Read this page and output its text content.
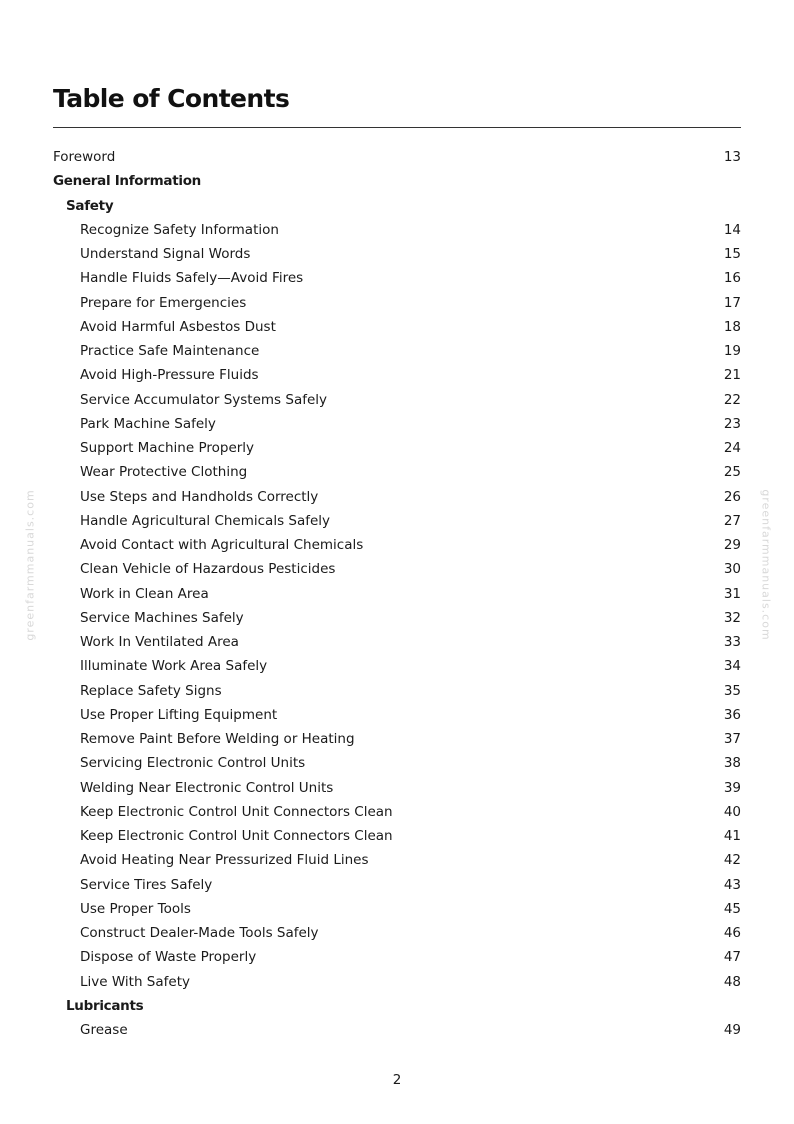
Table of Contents
Foreword	13
General Information
Safety
Recognize Safety Information	14
Understand Signal Words	15
Handle Fluids Safely—Avoid Fires	16
Prepare for Emergencies	17
Avoid Harmful Asbestos Dust	18
Practice Safe Maintenance	19
Avoid High-Pressure Fluids	21
Service Accumulator Systems Safely	22
Park Machine Safely	23
Support Machine Properly	24
Wear Protective Clothing	25
Use Steps and Handholds Correctly	26
Handle Agricultural Chemicals Safely	27
Avoid Contact with Agricultural Chemicals	29
Clean Vehicle of Hazardous Pesticides	30
Work in Clean Area	31
Service Machines Safely	32
Work In Ventilated Area	33
Illuminate Work Area Safely	34
Replace Safety Signs	35
Use Proper Lifting Equipment	36
Remove Paint Before Welding or Heating	37
Servicing Electronic Control Units	38
Welding Near Electronic Control Units	39
Keep Electronic Control Unit Connectors Clean	40
Keep Electronic Control Unit Connectors Clean	41
Avoid Heating Near Pressurized Fluid Lines	42
Service Tires Safely	43
Use Proper Tools	45
Construct Dealer-Made Tools Safely	46
Dispose of Waste Properly	47
Live With Safety	48
Lubricants
Grease	49
greenfarmmanuals.com	greenfarmmanuals.com
2
